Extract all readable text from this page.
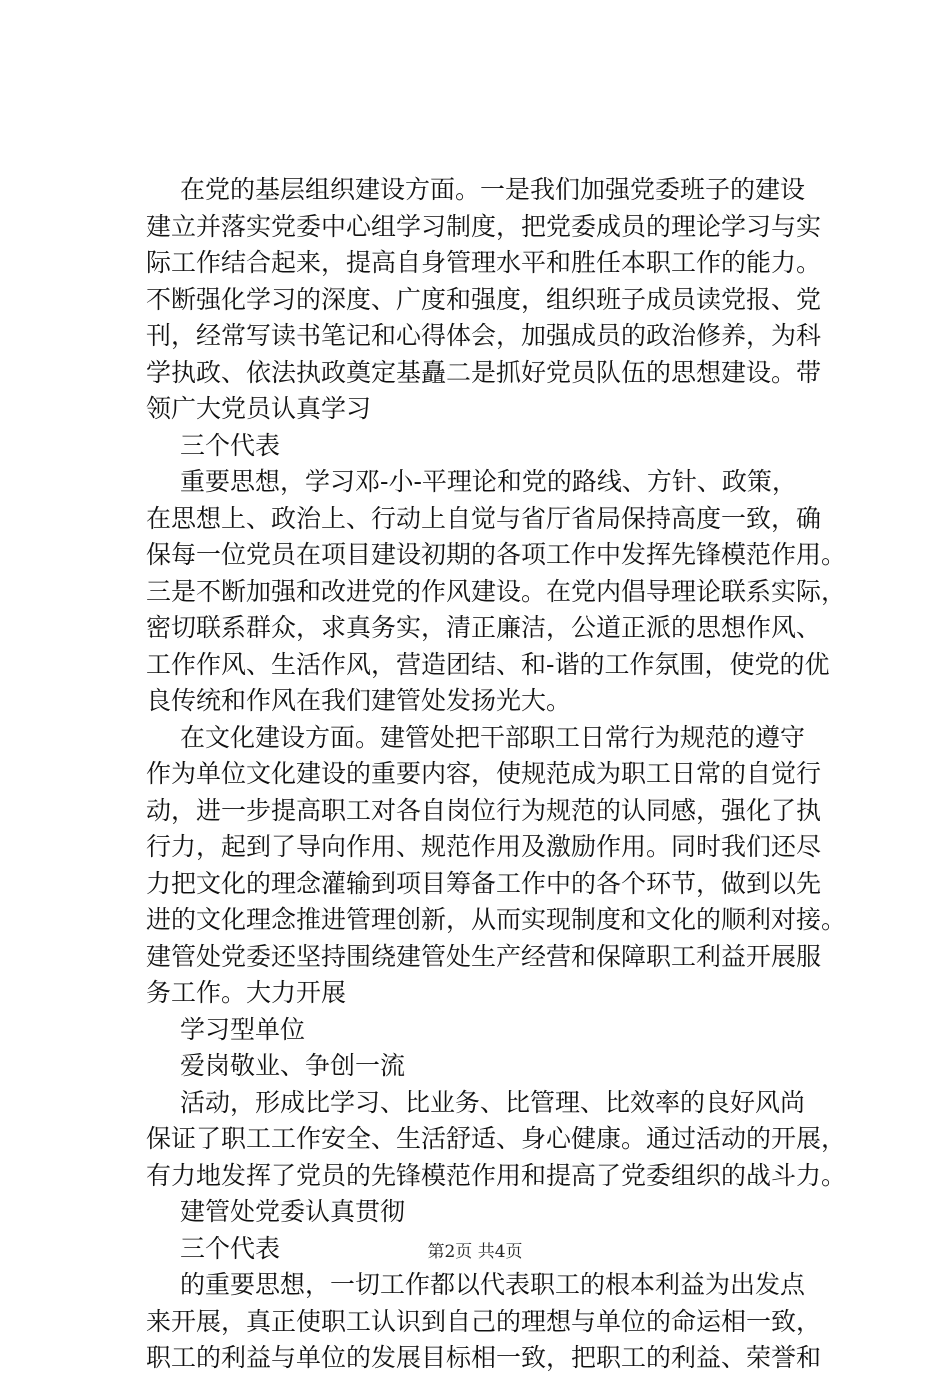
在党的基层组织建设方面。一是我们加强党委班子的建设
建立并落实党委中心组学习制度，把党委成员的理论学习与实
际工作结合起来，提高自身管理水平和胜任本职工作的能力。
不断强化学习的深度、广度和强度，组织班子成员读党报、党
刊，经常写读书笔记和心得体会，加强成员的政治修养，为科
学执政、依法执政奠定基矗二是抓好党员队伍的思想建设。带
领广大党员认真学习
三个代表
重要思想，学习邓-小-平理论和党的路线、方针、政策，
在思想上、政治上、行动上自觉与省厅省局保持高度一致，确
保每一位党员在项目建设初期的各项工作中发挥先锋模范作用。
三是不断加强和改进党的作风建设。在党内倡导理论联系实际，
密切联系群众，求真务实，清正廉洁，公道正派的思想作风、
工作作风、生活作风，营造团结、和-谐的工作氛围，使党的优
良传统和作风在我们建管处发扬光大。
在文化建设方面。建管处把干部职工日常行为规范的遵守
作为单位文化建设的重要内容，使规范成为职工日常的自觉行
动，进一步提高职工对各自岗位行为规范的认同感，强化了执
行力，起到了导向作用、规范作用及激励作用。同时我们还尽
力把文化的理念灌输到项目筹备工作中的各个环节，做到以先
进的文化理念推进管理创新，从而实现制度和文化的顺利对接。
建管处党委还坚持围绕建管处生产经营和保障职工利益开展服
务工作。大力开展
学习型单位
爱岗敬业、争创一流
活动，形成比学习、比业务、比管理、比效率的良好风尚
保证了职工工作安全、生活舒适、身心健康。通过活动的开展，
有力地发挥了党员的先锋模范作用和提高了党委组织的战斗力。
建管处党委认真贯彻
三个代表
的重要思想，一切工作都以代表职工的根本利益为出发点
来开展，真正使职工认识到自己的理想与单位的命运相一致，
职工的利益与单位的发展目标相一致，把职工的利益、荣誉和
第2页 共4页
